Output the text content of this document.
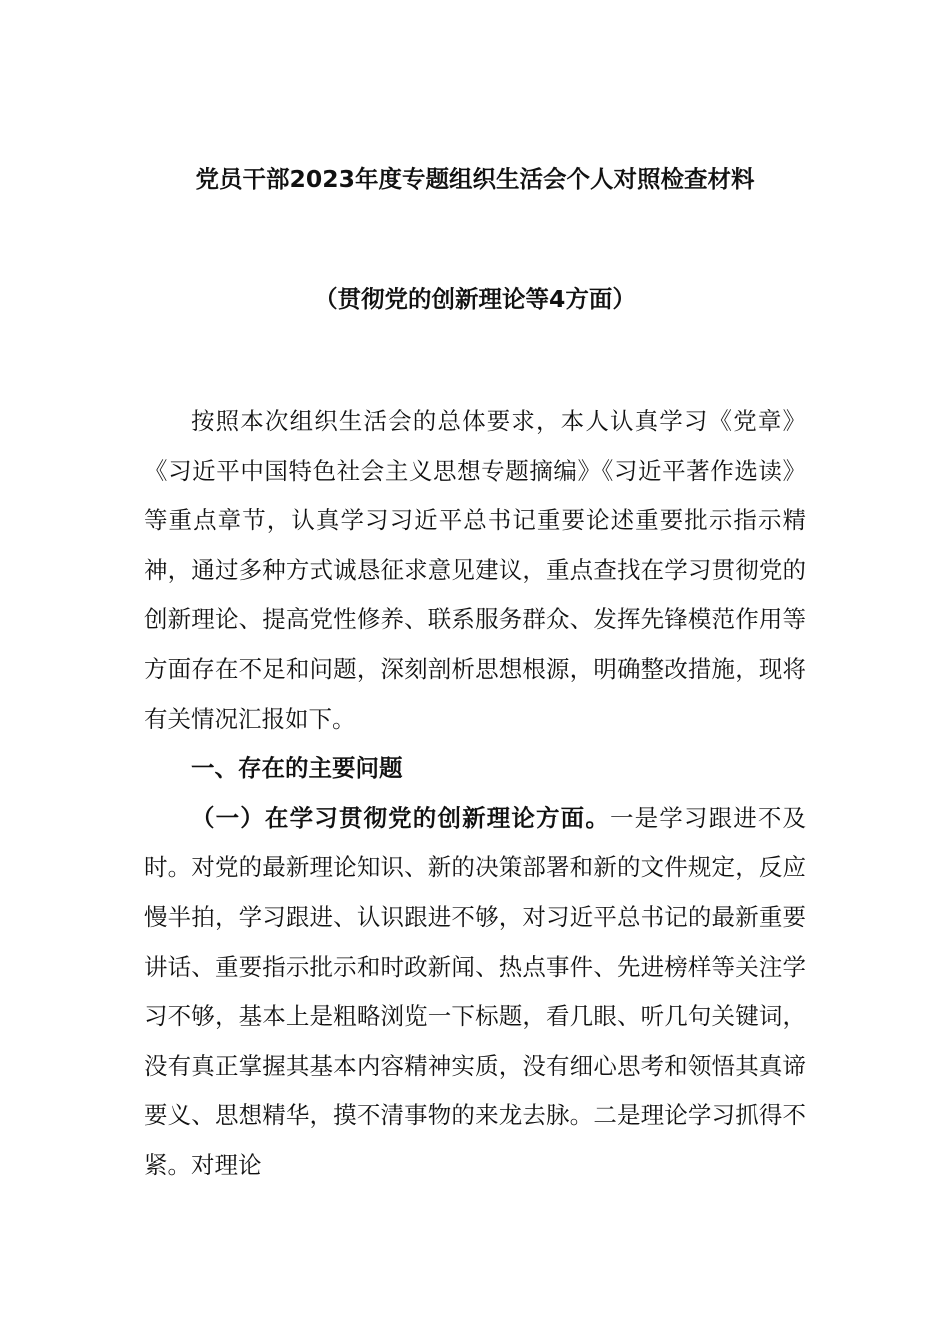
党员干部2023年度专题组织生活会个人对照检查材料
（贯彻党的创新理论等4方面）

按照本次组织生活会的总体要求，本人认真学习《党章》《习近平中国特色社会主义思想专题摘编》《习近平著作选读》等重点章节，认真学习习近平总书记重要论述重要批示指示精神，通过多种方式诚恳征求意见建议，重点查找在学习贯彻党的创新理论、提高党性修养、联系服务群众、发挥先锋模范作用等方面存在不足和问题，深刻剖析思想根源，明确整改措施，现将有关情况汇报如下。

一、存在的主要问题

（一）在学习贯彻党的创新理论方面。一是学习跟进不及时。对党的最新理论知识、新的决策部署和新的文件规定，反应慢半拍，学习跟进、认识跟进不够，对习近平总书记的最新重要讲话、重要指示批示和时政新闻、热点事件、先进榜样等关注学习不够，基本上是粗略浏览一下标题，看几眼、听几句关键词，没有真正掌握其基本内容精神实质，没有细心思考和领悟其真谛要义、思想精华，摸不清事物的来龙去脉。二是理论学习抓得不紧。对理论
